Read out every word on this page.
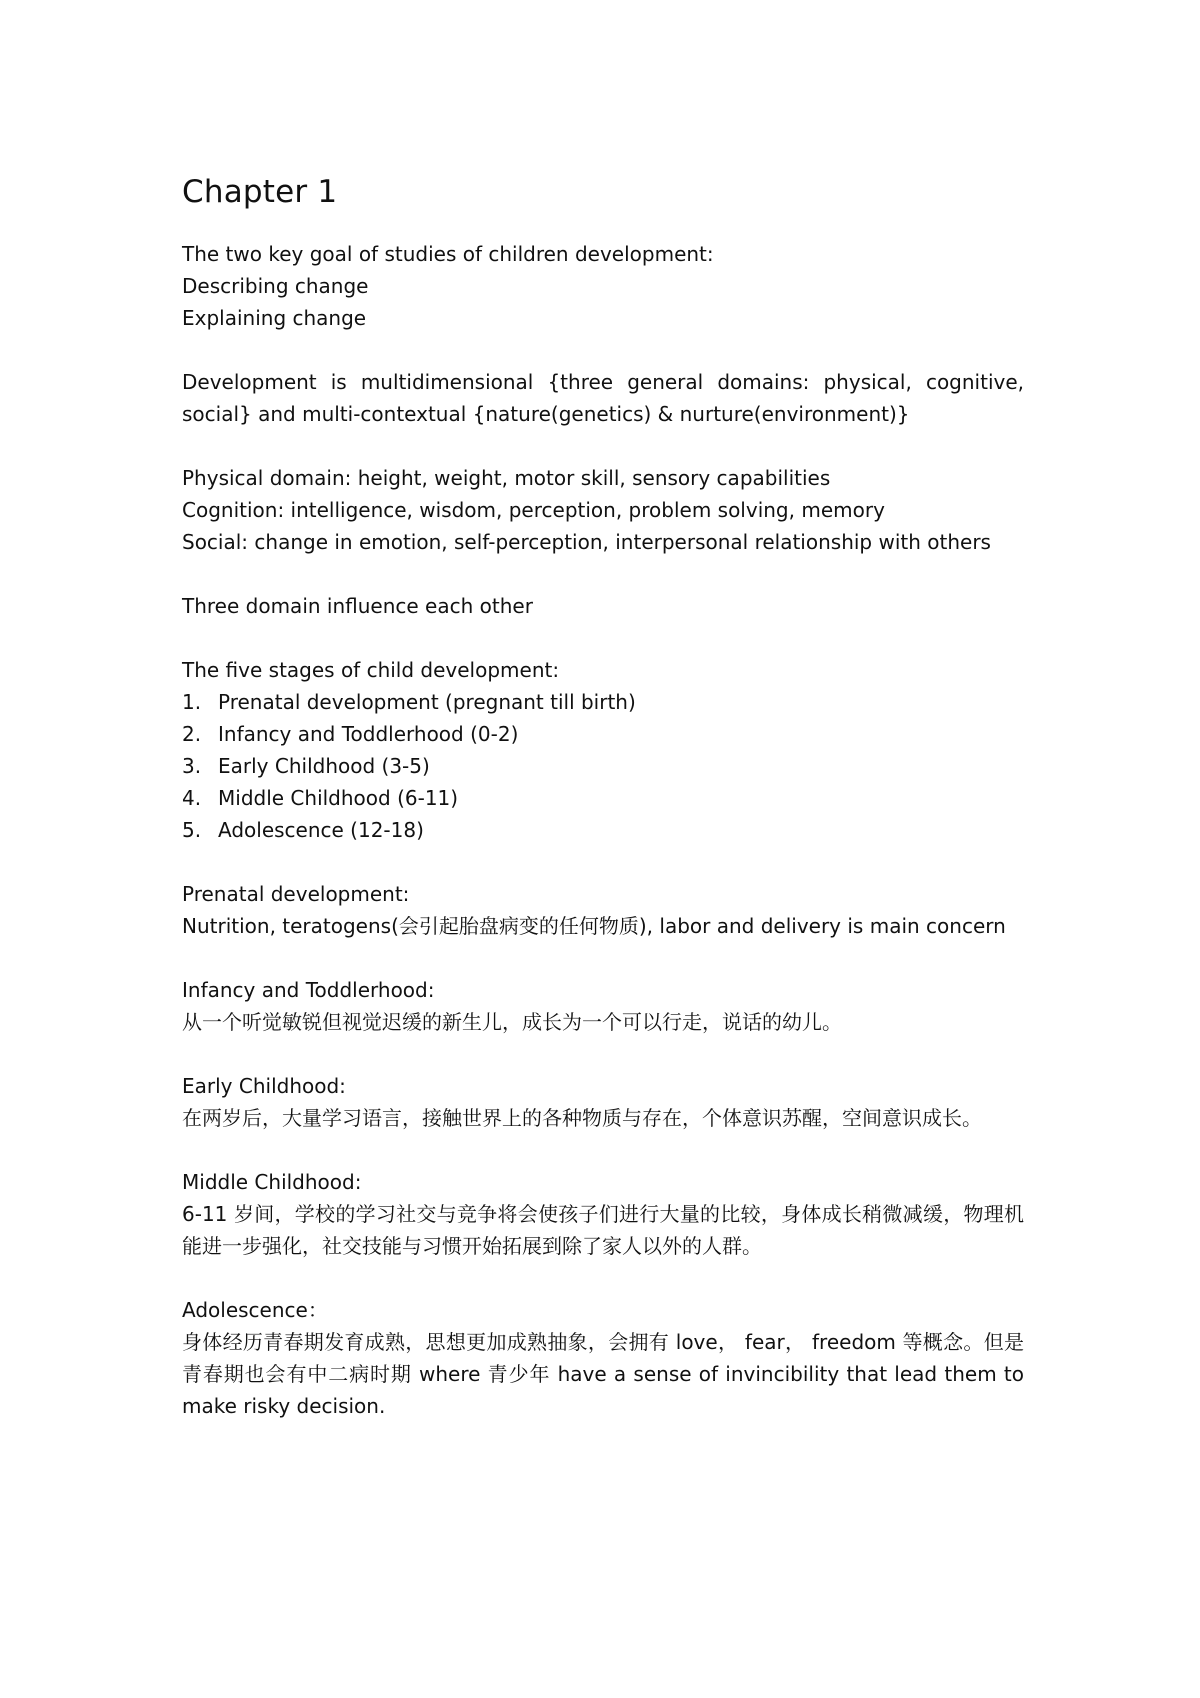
Chapter 1

The two key goal of studies of children development:

Describing change

Explaining change

Development is multidimensional {three general domains: physical, cognitive, social} and multi-contextual {nature(genetics) & nurture(environment)}

Physical domain: height, weight, motor skill, sensory capabilities

Cognition: intelligence, wisdom, perception, problem solving, memory

Social: change in emotion, self-perception, interpersonal relationship with others

Three domain influence each other

The five stages of child development:

1. Prenatal development (pregnant till birth)
2. Infancy and Toddlerhood (0-2)
3. Early Childhood (3-5)
4. Middle Childhood (6-11)
5. Adolescence (12-18)

Prenatal development:

Nutrition, teratogens(会引起胎盘病变的任何物质), labor and delivery is main concern

Infancy and Toddlerhood:

从一个听觉敏锐但视觉迟缓的新生儿，成长为一个可以行走，说话的幼儿。

Early Childhood:

在两岁后，大量学习语言，接触世界上的各种物质与存在，个体意识苏醒，空间意识成长。

Middle Childhood:

6-11 岁间，学校的学习社交与竞争将会使孩子们进行大量的比较，身体成长稍微减缓，物理机能进一步强化，社交技能与习惯开始拓展到除了家人以外的人群。

Adolescence：

身体经历青春期发育成熟，思想更加成熟抽象，会拥有 love， fear， freedom 等概念。但是青春期也会有中二病时期 where 青少年 have a sense of invincibility that lead them to make risky decision.
